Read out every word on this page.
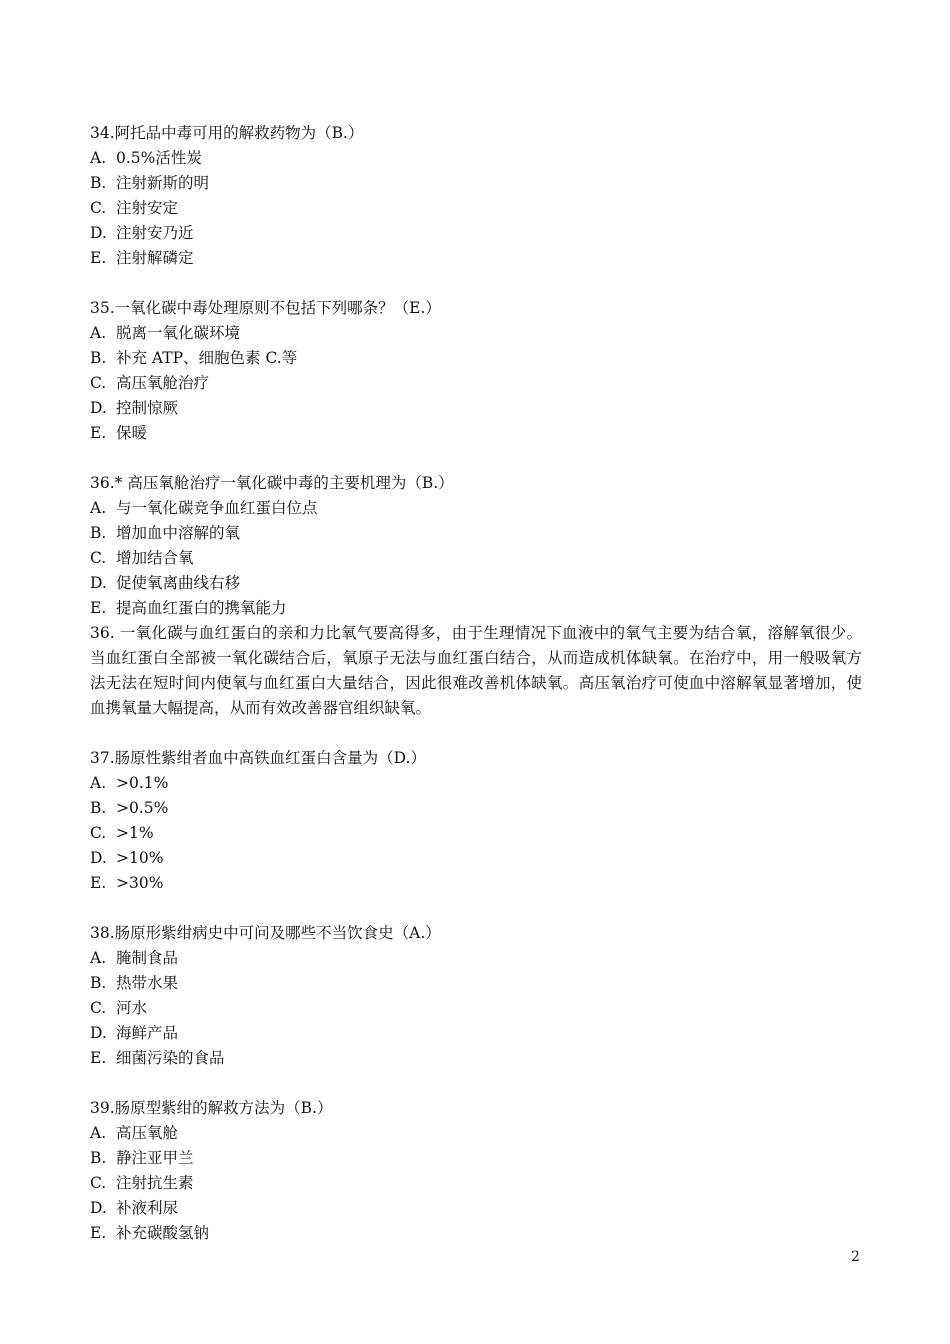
34.阿托品中毒可用的解救药物为（B.）
A. 0.5%活性炭
B. 注射新斯的明
C. 注射安定
D. 注射安乃近
E. 注射解磷定
35.一氧化碳中毒处理原则不包括下列哪条？（E.）
A. 脱离一氧化碳环境
B. 补充 ATP、细胞色素 C.等
C. 高压氧舱治疗
D. 控制惊厥
E. 保暖
36.* 高压氧舱治疗一氧化碳中毒的主要机理为（B.）
A. 与一氧化碳竞争血红蛋白位点
B. 增加血中溶解的氧
C. 增加结合氧
D. 促使氧离曲线右移
E. 提高血红蛋白的携氧能力

36. 一氧化碳与血红蛋白的亲和力比氧气要高得多，由于生理情况下血液中的氧气主要为结合氧，溶解氧很少。当血红蛋白全部被一氧化碳结合后，氧原子无法与血红蛋白结合，从而造成机体缺氧。在治疗中，用一般吸氧方法无法在短时间内使氧与血红蛋白大量结合，因此很难改善机体缺氧。高压氧治疗可使血中溶解氧显著增加，使血携氧量大幅提高，从而有效改善器官组织缺氧。

37.肠原性紫绀者血中高铁血红蛋白含量为（D.）
A. >0.1%
B. >0.5%
C. >1%
D. >10%
E. >30%
38.肠原形紫绀病史中可问及哪些不当饮食史（A.）
A. 腌制食品
B. 热带水果
C. 河水
D. 海鲜产品
E. 细菌污染的食品
39.肠原型紫绀的解救方法为（B.）
A. 高压氧舱
B. 静注亚甲兰
C. 注射抗生素
D. 补液利尿
E. 补充碳酸氢钠
2
